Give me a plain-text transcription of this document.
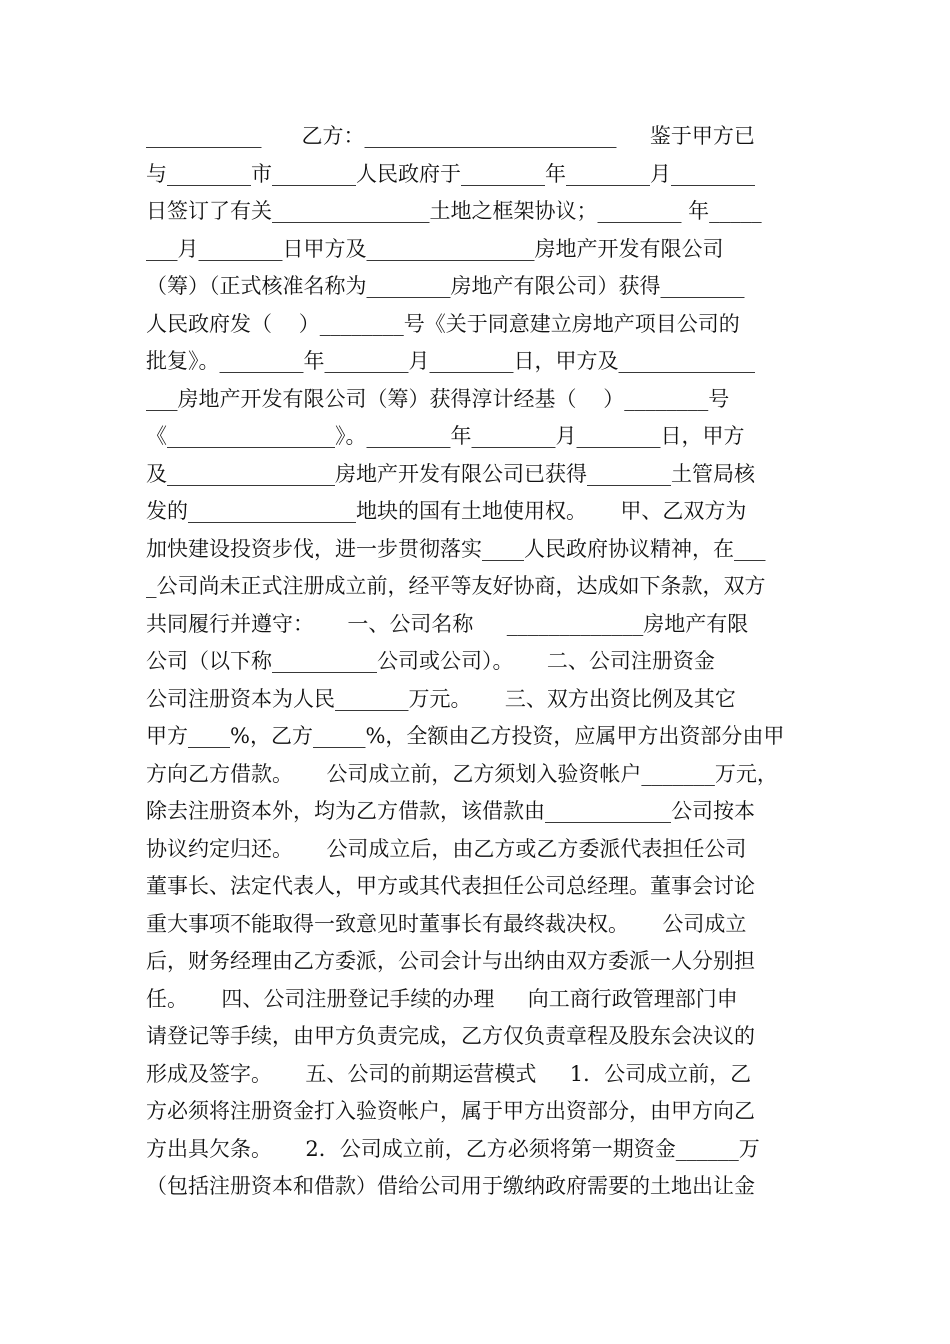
___________      乙方：________________________     鉴于甲方已
与________市________人民政府于________年________月________
日签订了有关_______________土地之框架协议；________ 年_____
___月________日甲方及________________房地产开发有限公司
（筹）（正式核准名称为________房地产有限公司）获得________
人民政府发（    ）________号《关于同意建立房地产项目公司的
批复》。________年________月________日，甲方及_____________
___房地产开发有限公司（筹）获得淳计经基（    ）________号
《________________》。________年________月________日，甲方
及________________房地产开发有限公司已获得________土管局核
发的________________地块的国有土地使用权。     甲、乙双方为
加快建设投资步伐，进一步贯彻落实____人民政府协议精神，在___
_公司尚未正式注册成立前，经平等友好协商，达成如下条款，双方
共同履行并遵守：     一、公司名称     _____________房地产有限
公司（以下称__________公司或公司）。     二、公司注册资金
公司注册资本为人民_______万元。     三、双方出资比例及其它
甲方____%，乙方_____%，全额由乙方投资，应属甲方出资部分由甲
方向乙方借款。     公司成立前，乙方须划入验资帐户_______万元，
除去注册资本外，均为乙方借款，该借款由____________公司按本
协议约定归还。     公司成立后，由乙方或乙方委派代表担任公司
董事长、法定代表人，甲方或其代表担任公司总经理。董事会讨论
重大事项不能取得一致意见时董事长有最终裁决权。     公司成立
后，财务经理由乙方委派，公司会计与出纳由双方委派一人分别担
任。     四、公司注册登记手续的办理     向工商行政管理部门申
请登记等手续，由甲方负责完成，乙方仅负责章程及股东会决议的
形成及签字。     五、公司的前期运营模式     1．公司成立前，乙
方必须将注册资金打入验资帐户，属于甲方出资部分，由甲方向乙
方出具欠条。     2．公司成立前，乙方必须将第一期资金______万
（包括注册资本和借款）借给公司用于缴纳政府需要的土地出让金
